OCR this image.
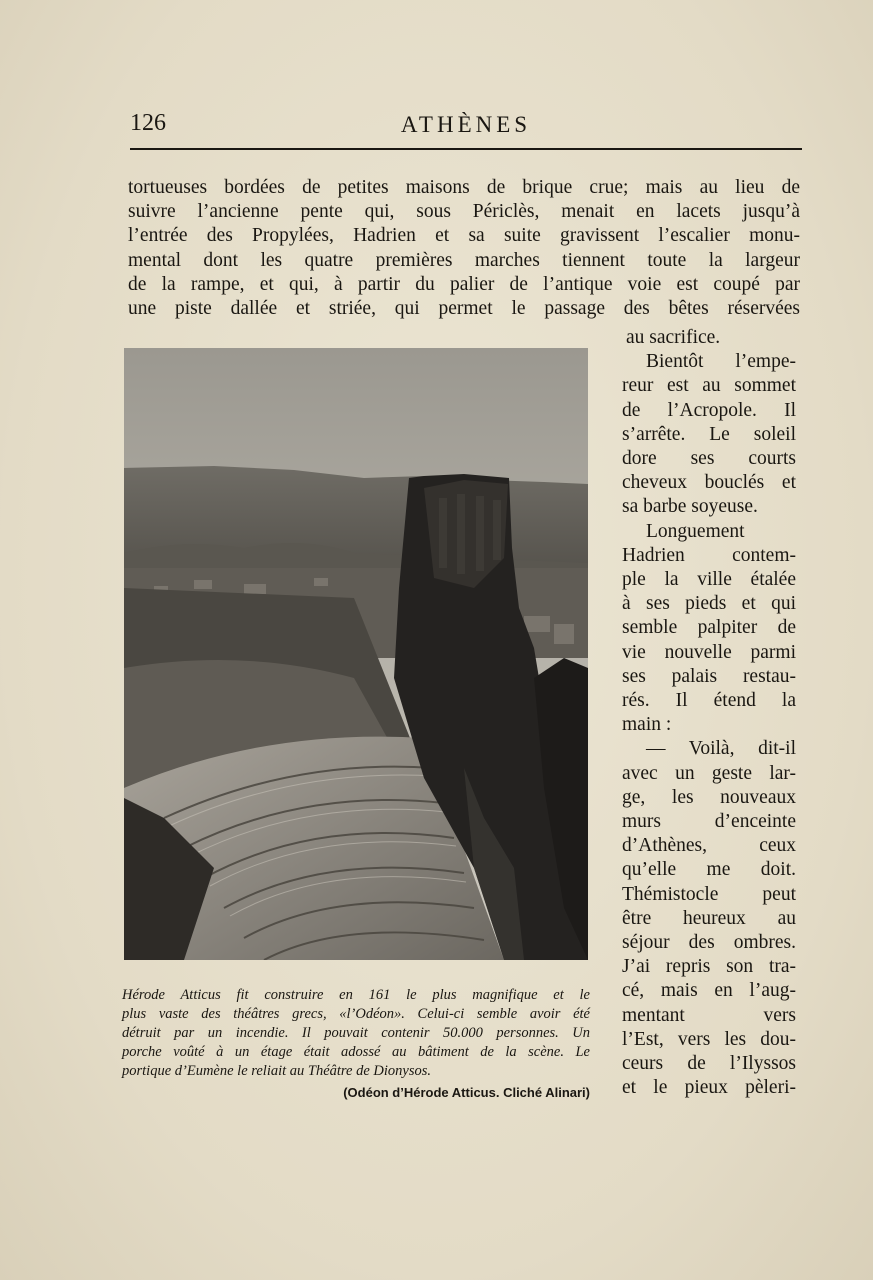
126	ATHÈNES
tortueuses bordées de petites maisons de brique crue; mais au lieu de
suivre l’ancienne pente qui, sous Périclès, menait en lacets jusqu’à
l’entrée des Propylées, Hadrien et sa suite gravissent l’escalier monu-
mental dont les quatre premières marches tiennent toute la largeur
de la rampe, et qui, à partir du palier de l’antique voie est coupé par
une piste dallée et striée, qui permet le passage des bêtes réservées
au sacrifice.
Bientôt l’empe-
reur est au sommet
de l’Acropole. Il
s’arrête. Le soleil
dore ses courts
cheveux bouclés et
sa barbe soyeuse.
Longuement
Hadrien contem-
ple la ville étalée
à ses pieds et qui
semble palpiter de
vie nouvelle parmi
ses palais restau-
rés. Il étend la
main :
— Voilà, dit-il
avec un geste lar-
ge, les nouveaux
murs d’enceinte
d’Athènes, ceux
qu’elle me doit.
Thémistocle peut
être heureux au
séjour des ombres.
J’ai repris son tra-
cé, mais en l’aug-
mentant vers
l’Est, vers les dou-
ceurs de l’Ilyssos
et le pieux pèleri-
Hérode Atticus fit construire en 161 le plus magnifique et le
plus vaste des théâtres grecs, «l’Odéon». Celui-ci semble avoir été
détruit par un incendie. Il pouvait contenir 50.000 personnes. Un
porche voûté à un étage était adossé au bâtiment de la scène. Le
portique d’Eumène le reliait au Théâtre de Dionysos.
(Odéon d’Hérode Atticus. Cliché Alinari)
